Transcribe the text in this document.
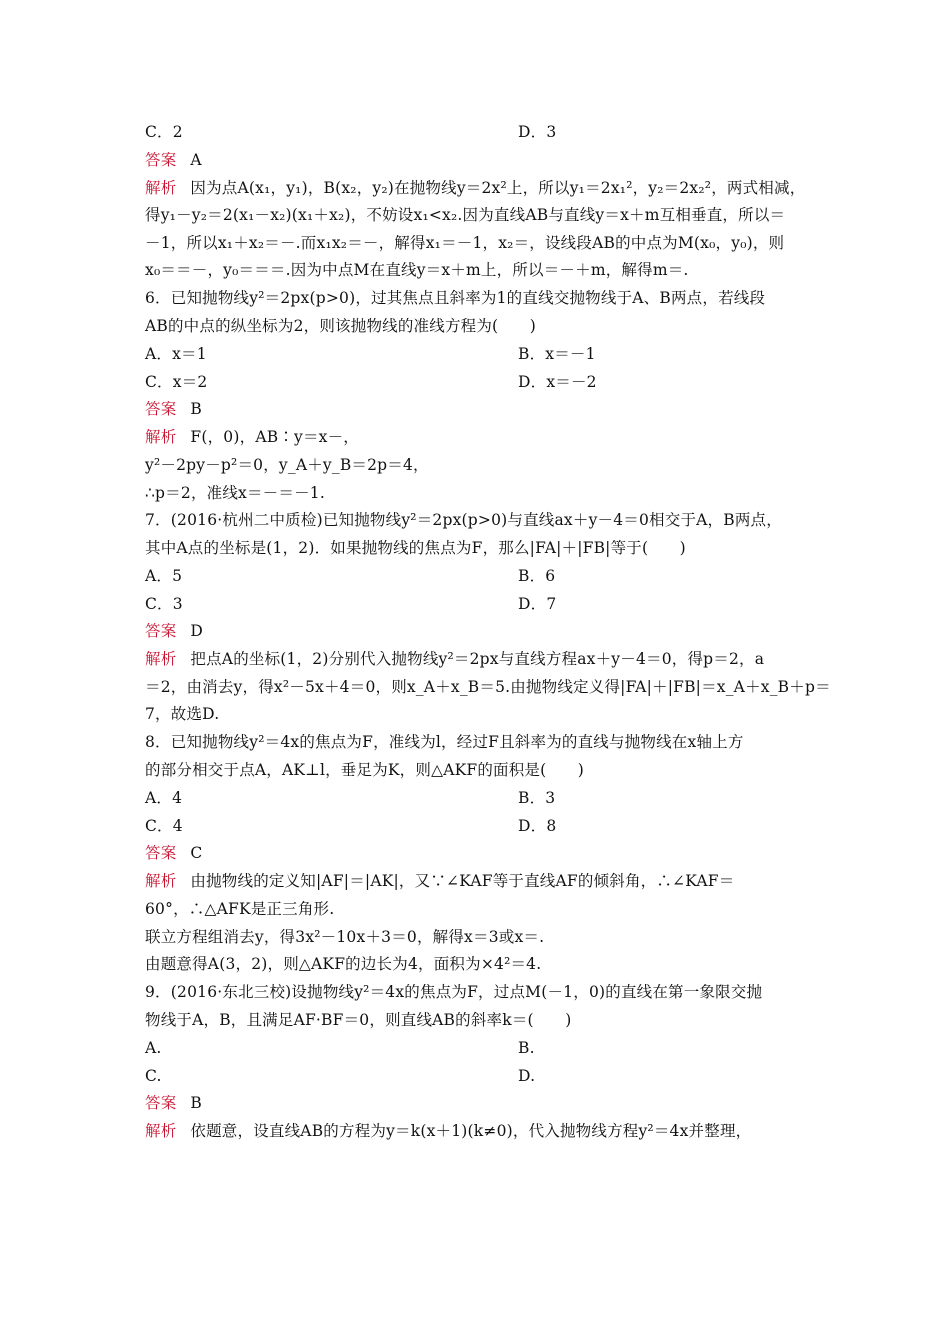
C．2	D．3
答案 A
解析 因为点A(x₁，y₁)，B(x₂，y₂)在抛物线y＝2x²上，所以y₁＝2x₁²，y₂＝2x₂²，两式相减，
得y₁－y₂＝2(x₁－x₂)(x₁＋x₂)，不妨设x₁<x₂.因为直线AB与直线y＝x＋m互相垂直，所以＝
－1，所以x₁＋x₂＝－.而x₁x₂＝－，解得x₁＝－1，x₂＝，设线段AB的中点为M(x₀，y₀)，则
x₀＝＝－，y₀＝＝＝.因为中点M在直线y＝x＋m上，所以＝－＋m，解得m＝.
6．已知抛物线y²＝2px(p>0)，过其焦点且斜率为1的直线交抛物线于A、B两点，若线段
AB的中点的纵坐标为2，则该抛物线的准线方程为(　　)
A．x＝1	B．x＝－1
C．x＝2	D．x＝－2
答案 B
解析 F(，0)，AB∶y＝x－，
y²－2py－p²＝0，y_A＋y_B＝2p＝4，
∴p＝2，准线x＝－＝－1.
7．(2016·杭州二中质检)已知抛物线y²＝2px(p>0)与直线ax＋y－4＝0相交于A，B两点，
其中A点的坐标是(1，2)．如果抛物线的焦点为F，那么|FA|＋|FB|等于(　　)
A．5	B．6
C．3	D．7
答案 D
解析 把点A的坐标(1，2)分别代入抛物线y²＝2px与直线方程ax＋y－4＝0，得p＝2，a
＝2，由消去y，得x²－5x＋4＝0，则x_A＋x_B＝5.由抛物线定义得|FA|＋|FB|＝x_A＋x_B＋p＝
7，故选D.
8．已知抛物线y²＝4x的焦点为F，准线为l，经过F且斜率为的直线与抛物线在x轴上方
的部分相交于点A，AK⊥l，垂足为K，则△AKF的面积是(　　)
A．4	B．3
C．4	D．8
答案 C
解析 由抛物线的定义知|AF|＝|AK|，又∵∠KAF等于直线AF的倾斜角，∴∠KAF＝
60°，∴△AFK是正三角形.
联立方程组消去y，得3x²－10x＋3＝0，解得x＝3或x＝.
由题意得A(3，2)，则△AKF的边长为4，面积为×4²＝4.
9．(2016·东北三校)设抛物线y²＝4x的焦点为F，过点M(－1，0)的直线在第一象限交抛
物线于A，B，且满足AF·BF＝0，则直线AB的斜率k＝(　　)
A.	B.
C.	D.
答案 B
解析 依题意，设直线AB的方程为y＝k(x＋1)(k≠0)，代入抛物线方程y²＝4x并整理，
